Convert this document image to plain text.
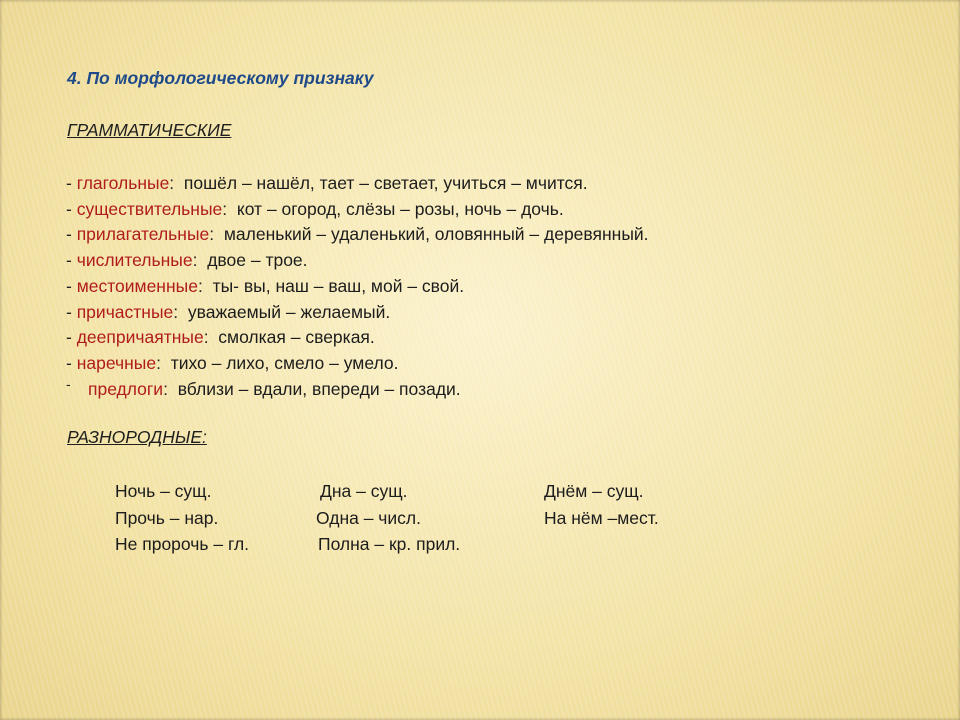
4. По морфологическому признаку
ГРАММАТИЧЕСКИЕ
- глагольные: пошёл – нашёл, тает – светает, учиться – мчится.
- существительные: кот – огород, слёзы – розы, ночь – дочь.
- прилагательные: маленький – удаленький, оловянный – деревянный.
- числительные: двое – трое.
- местоименные: ты- вы, наш – ваш, мой – свой.
- причастные: уважаемый – желаемый.
- деепричаятные: смолкая – сверкая.
- наречные: тихо – лихо, смело – умело.
- предлоги: вблизи – вдали, впереди – позади.
РАЗНОРОДНЫЕ:
Ночь – сущ.
Прочь – нар.
Не пророчь – гл.
Дна – сущ.
Одна – числ.
Полна – кр. прил.
Днём – сущ.
На нём –мест.
